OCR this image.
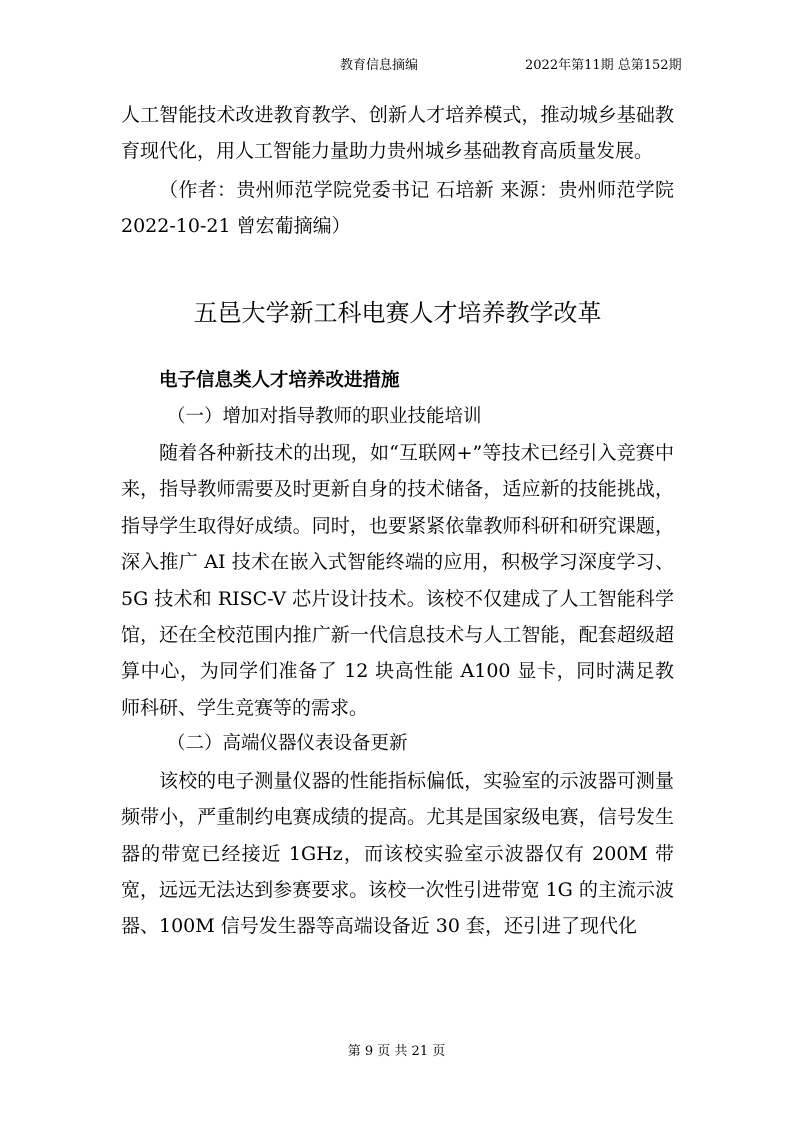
教育信息摘编	2022年第11期 总第152期

人工智能技术改进教育教学、创新人才培养模式，推动城乡基础教育现代化，用人工智能力量助力贵州城乡基础教育高质量发展。

（作者：贵州师范学院党委书记 石培新 来源：贵州师范学院 2022-10-21 曾宏葡摘编）

五邑大学新工科电赛人才培养教学改革
电子信息类人才培养改进措施
（一）增加对指导教师的职业技能培训

随着各种新技术的出现，如“互联网+”等技术已经引入竞赛中来，指导教师需要及时更新自身的技术储备，适应新的技能挑战，指导学生取得好成绩。同时，也要紧紧依靠教师科研和研究课题，深入推广 AI 技术在嵌入式智能终端的应用，积极学习深度学习、5G 技术和 RISC-V 芯片设计技术。该校不仅建成了人工智能科学馆，还在全校范围内推广新一代信息技术与人工智能，配套超级超算中心，为同学们准备了 12 块高性能 A100 显卡，同时满足教师科研、学生竞赛等的需求。

（二）高端仪器仪表设备更新

该校的电子测量仪器的性能指标偏低，实验室的示波器可测量频带小，严重制约电赛成绩的提高。尤其是国家级电赛，信号发生器的带宽已经接近 1GHz，而该校实验室示波器仅有 200M 带宽，远远无法达到参赛要求。该校一次性引进带宽 1G 的主流示波器、100M 信号发生器等高端设备近 30 套，还引进了现代化

第 9 页 共 21 页
